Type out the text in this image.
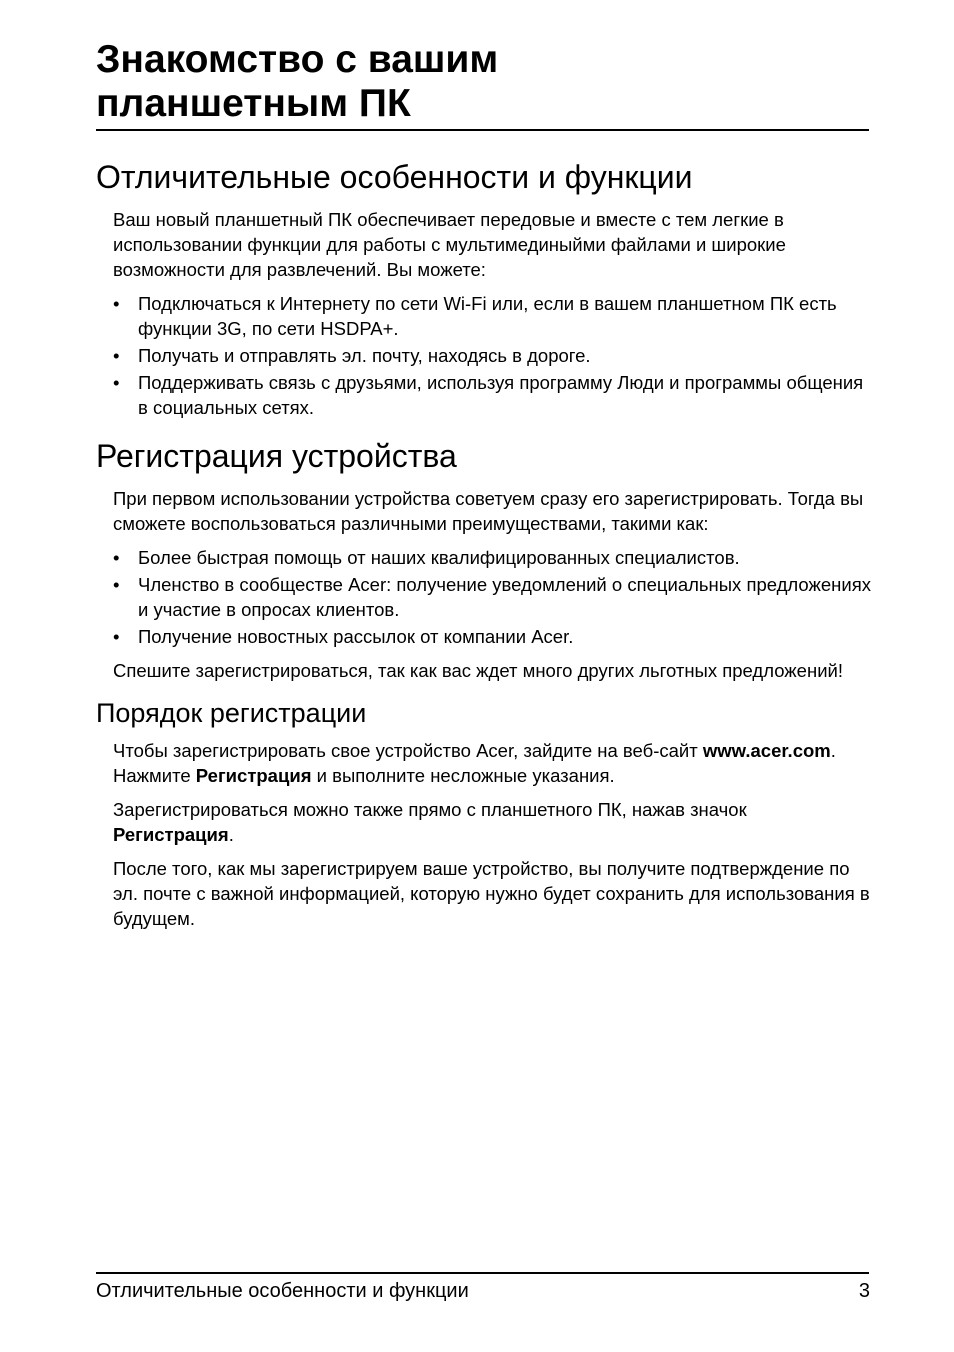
Знакомство с вашим
планшетным ПК
Отличительные особенности и функции

Ваш новый планшетный ПК обеспечивает передовые и вместе с тем легкие в использовании функции для работы с мультимединыйми файлами и широкие возможности для развлечений. Вы можете:

• Подключаться к Интернету по сети Wi-Fi или, если в вашем планшетном ПК есть функции 3G, по сети HSDPA+.
• Получать и отправлять эл. почту, находясь в дороге.
• Поддерживать связь с друзьями, используя программу Люди и программы общения в социальных сетях.
Регистрация устройства

При первом использовании устройства советуем сразу его зарегистрировать. Тогда вы сможете воспользоваться различными преимуществами, такими как:

• Более быстрая помощь от наших квалифицированных специалистов.
• Членство в сообществе Acer: получение уведомлений о специальных предложениях и участие в опросах клиентов.
• Получение новостных рассылок от компании Acer.

Спешите зарегистрироваться, так как вас ждет много других льготных предложений!

Порядок регистрации

Чтобы зарегистрировать свое устройство Acer, зайдите на веб-сайт www.acer.com. Нажмите Регистрация и выполните несложные указания.

Зарегистрироваться можно также прямо с планшетного ПК, нажав значок Регистрация.

После того, как мы зарегистрируем ваше устройство, вы получите подтверждение по эл. почте с важной информацией, которую нужно будет сохранить для использования в будущем.

Отличительные особенности и функции	3
